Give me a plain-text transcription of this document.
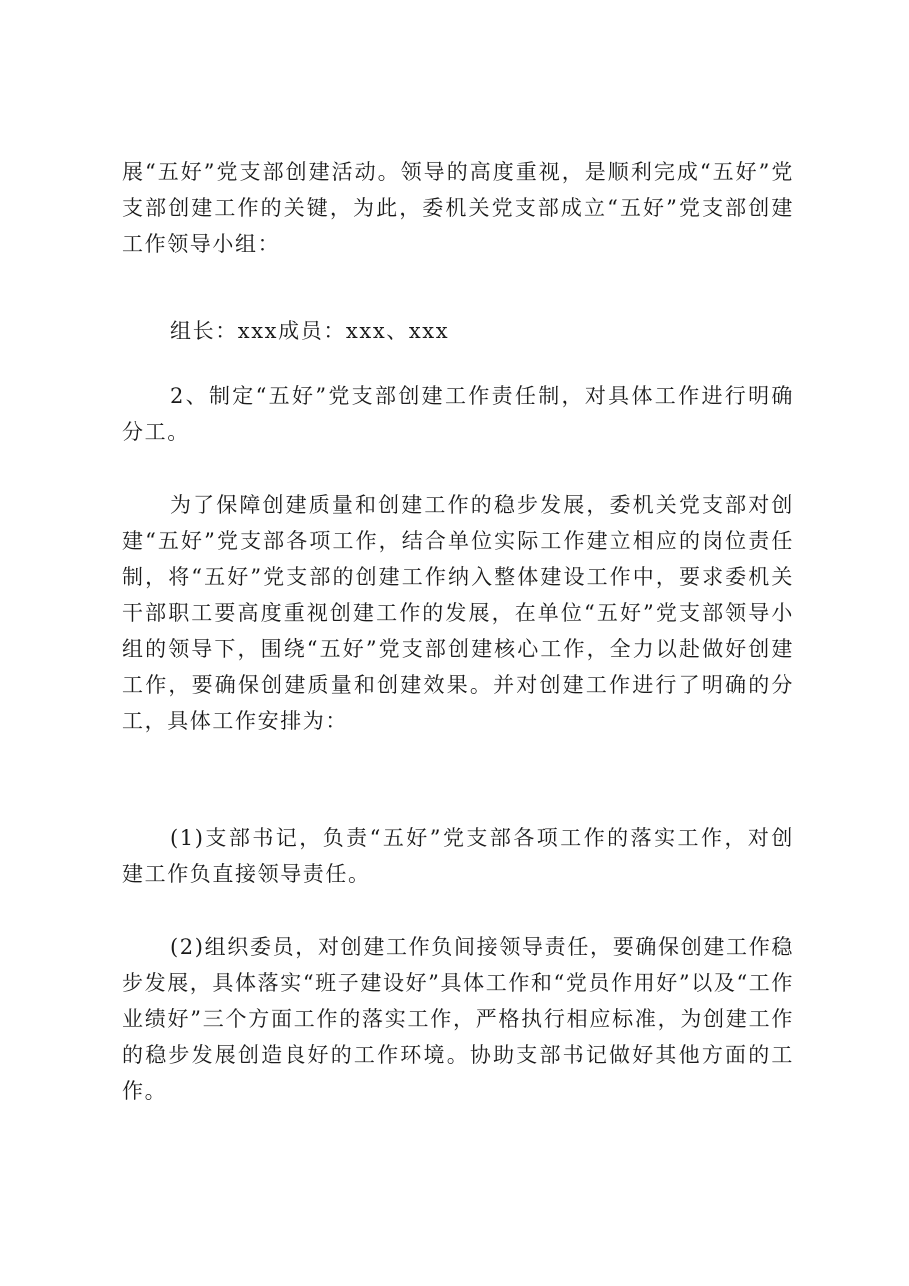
展“五好”党支部创建活动。领导的高度重视，是顺利完成“五好”党支部创建工作的关键，为此，委机关党支部成立“五好”党支部创建工作领导小组：

组长：xxx成员：xxx、xxx

2、制定“五好”党支部创建工作责任制，对具体工作进行明确分工。

为了保障创建质量和创建工作的稳步发展，委机关党支部对创建“五好”党支部各项工作，结合单位实际工作建立相应的岗位责任制，将“五好”党支部的创建工作纳入整体建设工作中，要求委机关干部职工要高度重视创建工作的发展，在单位“五好”党支部领导小组的领导下，围绕“五好”党支部创建核心工作，全力以赴做好创建工作，要确保创建质量和创建效果。并对创建工作进行了明确的分工，具体工作安排为：

(1)支部书记，负责“五好”党支部各项工作的落实工作，对创建工作负直接领导责任。

(2)组织委员，对创建工作负间接领导责任，要确保创建工作稳步发展，具体落实“班子建设好”具体工作和“党员作用好”以及“工作业绩好”三个方面工作的落实工作，严格执行相应标准，为创建工作的稳步发展创造良好的工作环境。协助支部书记做好其他方面的工作。
